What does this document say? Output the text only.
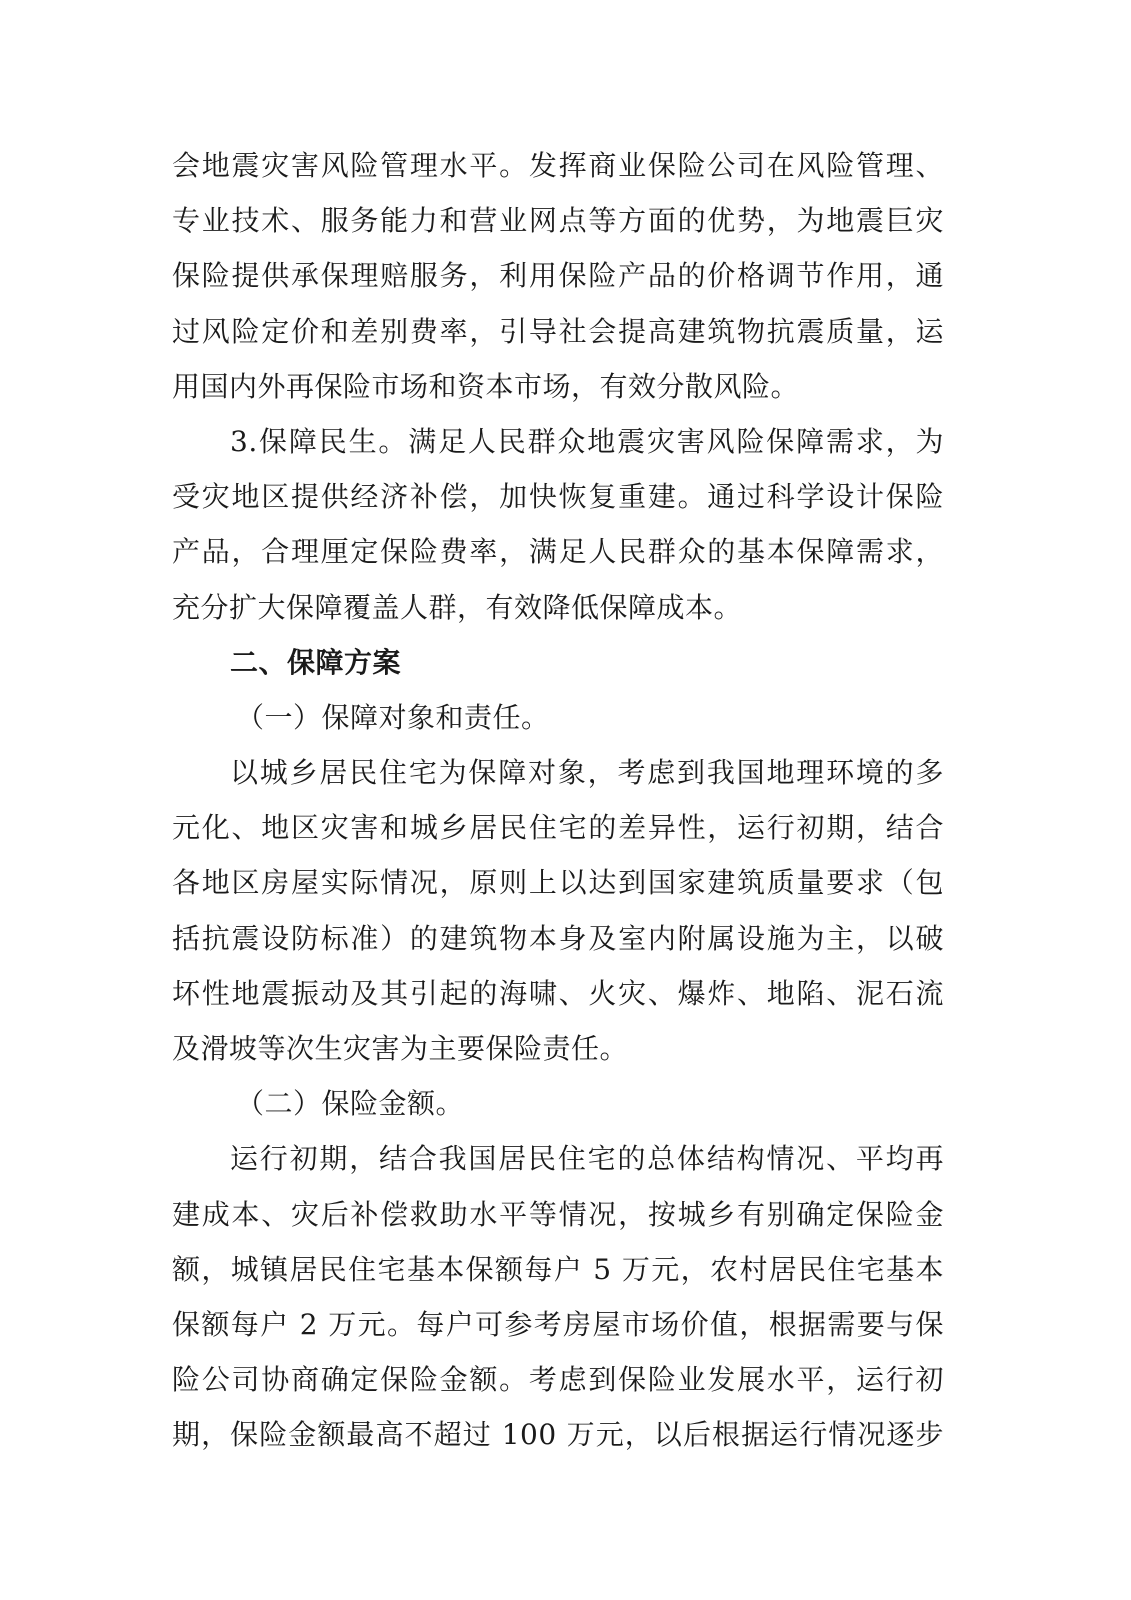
会地震灾害风险管理水平。发挥商业保险公司在风险管理、
专业技术、服务能力和营业网点等方面的优势，为地震巨灾
保险提供承保理赔服务，利用保险产品的价格调节作用，通
过风险定价和差别费率，引导社会提高建筑物抗震质量，运
用国内外再保险市场和资本市场，有效分散风险。
3.保障民生。满足人民群众地震灾害风险保障需求，为
受灾地区提供经济补偿，加快恢复重建。通过科学设计保险
产品，合理厘定保险费率，满足人民群众的基本保障需求，
充分扩大保障覆盖人群，有效降低保障成本。
二、保障方案
（一）保障对象和责任。
以城乡居民住宅为保障对象，考虑到我国地理环境的多
元化、地区灾害和城乡居民住宅的差异性，运行初期，结合
各地区房屋实际情况，原则上以达到国家建筑质量要求（包
括抗震设防标准）的建筑物本身及室内附属设施为主，以破
坏性地震振动及其引起的海啸、火灾、爆炸、地陷、泥石流
及滑坡等次生灾害为主要保险责任。
（二）保险金额。
运行初期，结合我国居民住宅的总体结构情况、平均再
建成本、灾后补偿救助水平等情况，按城乡有别确定保险金
额，城镇居民住宅基本保额每户 5 万元，农村居民住宅基本
保额每户 2 万元。每户可参考房屋市场价值，根据需要与保
险公司协商确定保险金额。考虑到保险业发展水平，运行初
期，保险金额最高不超过 100 万元，以后根据运行情况逐步
